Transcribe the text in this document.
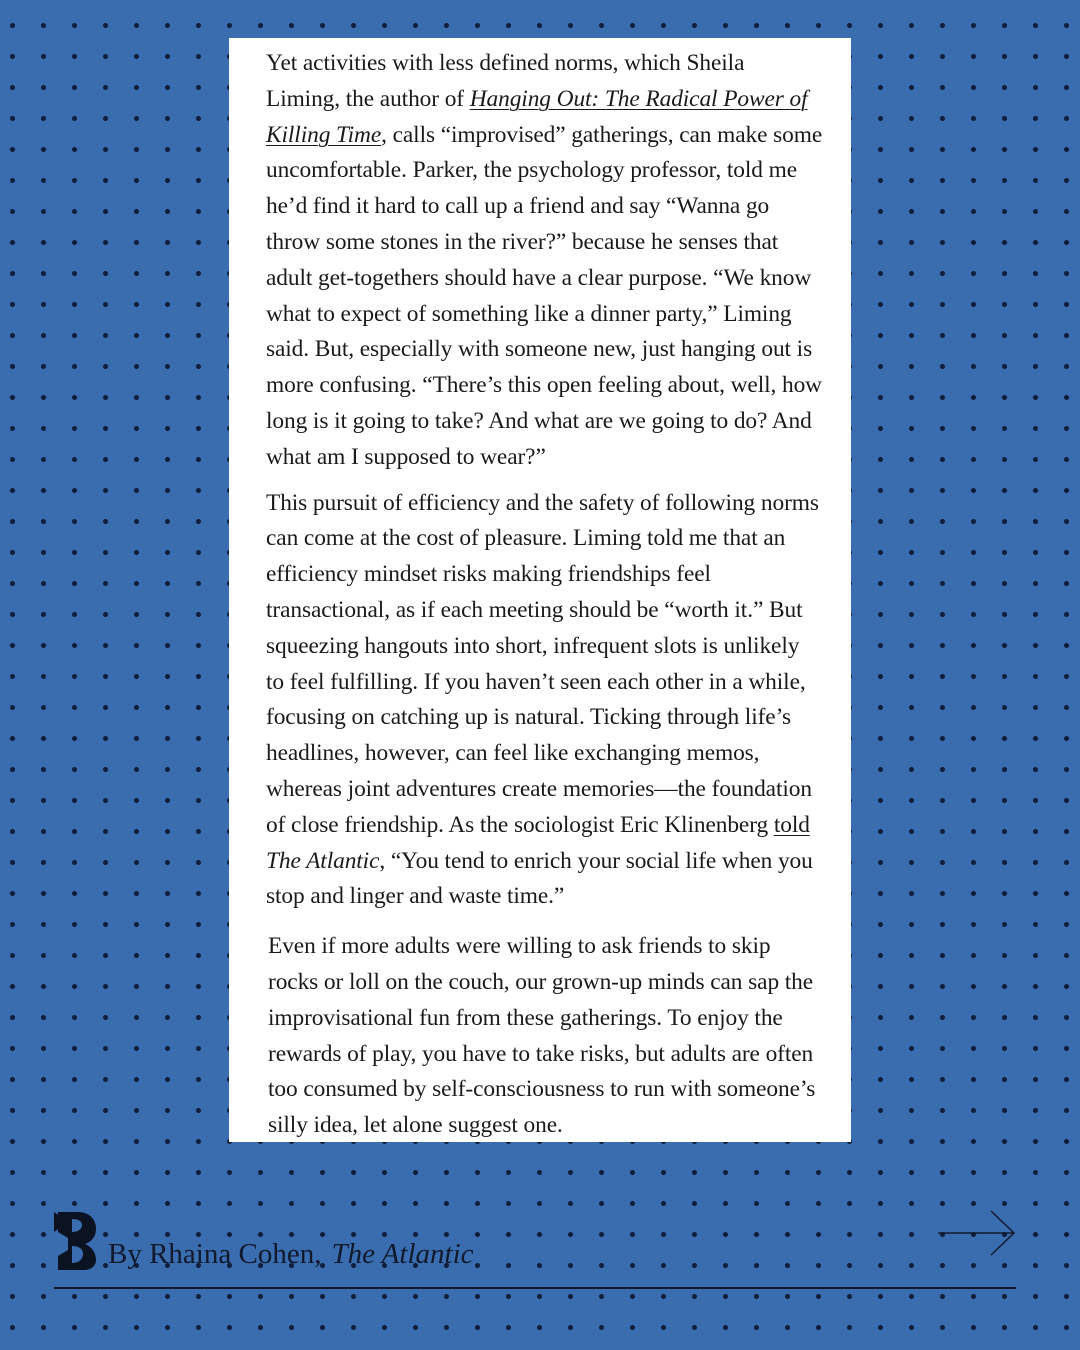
Yet activities with less defined norms, which Sheila Liming, the author of Hanging Out: The Radical Power of Killing Time, calls “improvised” gatherings, can make some uncomfortable. Parker, the psychology professor, told me he’d find it hard to call up a friend and say “Wanna go throw some stones in the river?” because he senses that adult get-togethers should have a clear purpose. “We know what to expect of something like a dinner party,” Liming said. But, especially with someone new, just hanging out is more confusing. “There’s this open feeling about, well, how long is it going to take? And what are we going to do? And what am I supposed to wear?”

This pursuit of efficiency and the safety of following norms can come at the cost of pleasure. Liming told me that an efficiency mindset risks making friendships feel transactional, as if each meeting should be “worth it.” But squeezing hangouts into short, infrequent slots is unlikely to feel fulfilling. If you haven’t seen each other in a while, focusing on catching up is natural. Ticking through life’s headlines, however, can feel like exchanging memos, whereas joint adventures create memories—the foundation of close friendship. As the sociologist Eric Klinenberg told The Atlantic, “You tend to enrich your social life when you stop and linger and waste time.”

Even if more adults were willing to ask friends to skip rocks or loll on the couch, our grown-up minds can sap the improvisational fun from these gatherings. To enjoy the rewards of play, you have to take risks, but adults are often too consumed by self-consciousness to run with someone’s silly idea, let alone suggest one.

By Rhaina Cohen, The Atlantic
